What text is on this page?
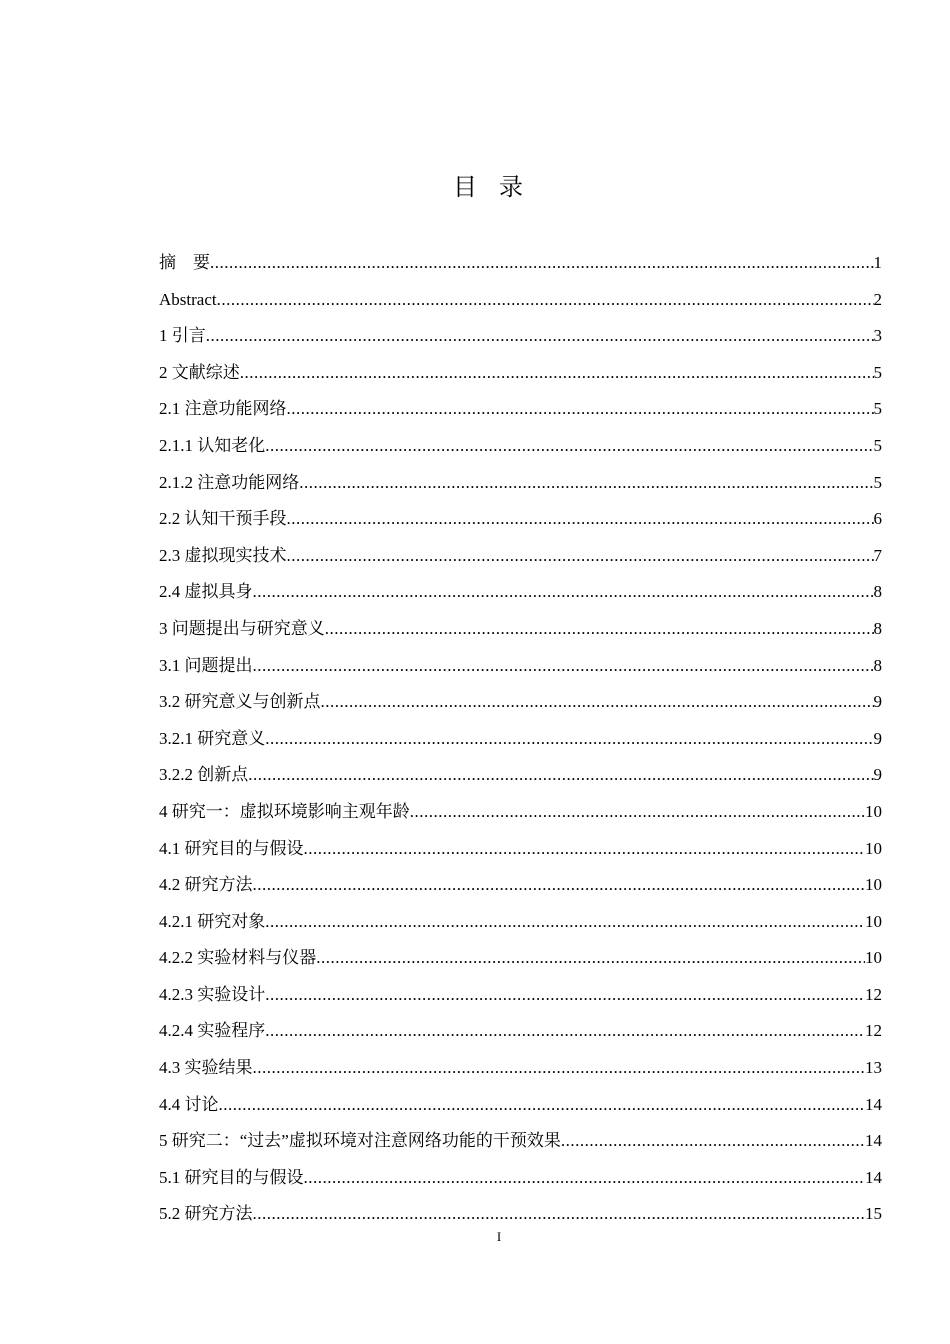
目录
摘　要 .....	1
Abstract .....	2
1 引言 .....	3
2 文献综述 .....	5
2.1 注意功能网络 .....	5
2.1.1 认知老化 .....	5
2.1.2 注意功能网络 .....	5
2.2 认知干预手段 .....	6
2.3 虚拟现实技术 .....	7
2.4 虚拟具身 .....	8
3 问题提出与研究意义 .....	8
3.1 问题提出 .....	8
3.2 研究意义与创新点 .....	9
3.2.1 研究意义 .....	9
3.2.2 创新点 .....	9
4 研究一：虚拟环境影响主观年龄 .....	10
4.1 研究目的与假设 .....	10
4.2 研究方法 .....	10
4.2.1 研究对象 .....	10
4.2.2 实验材料与仪器 .....	10
4.2.3 实验设计 .....	12
4.2.4 实验程序 .....	12
4.3 实验结果 .....	13
4.4 讨论 .....	14
5 研究二：“过去”虚拟环境对注意网络功能的干预效果 .....	14
5.1 研究目的与假设 .....	14
5.2 研究方法 .....	15
I
